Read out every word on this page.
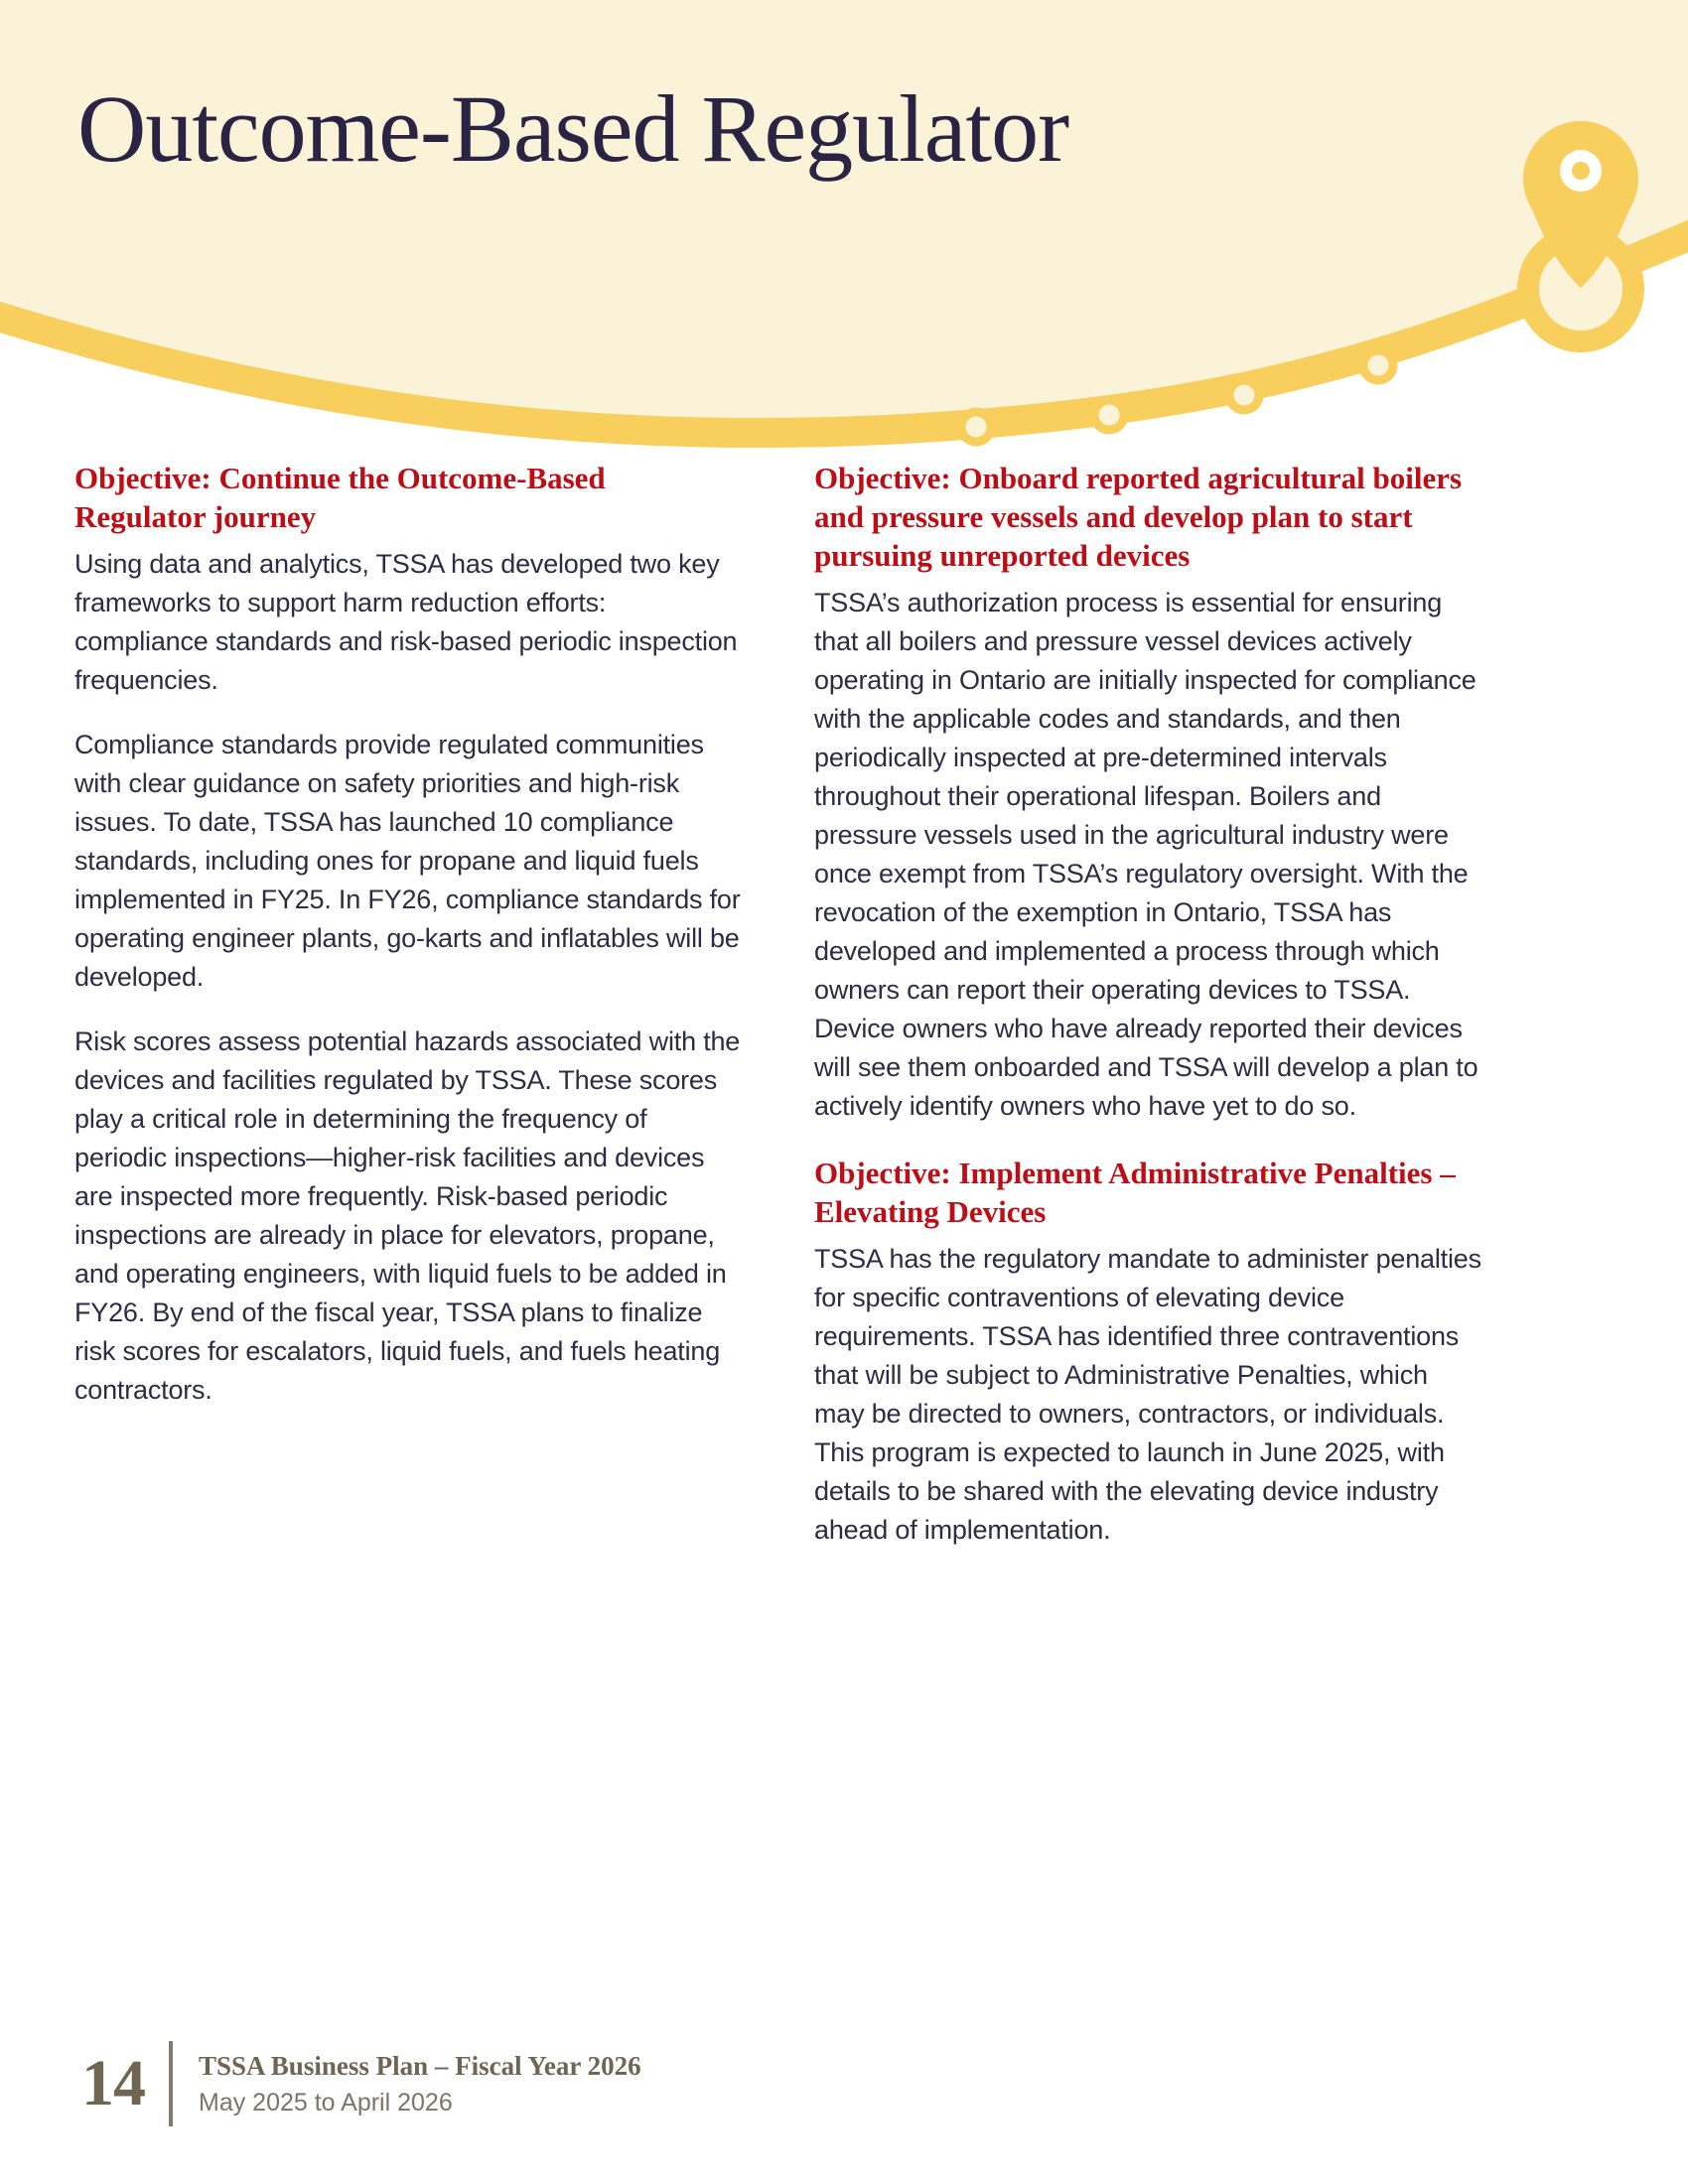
Outcome-Based Regulator
Objective: Continue the Outcome-Based Regulator journey

Using data and analytics, TSSA has developed two key frameworks to support harm reduction efforts: compliance standards and risk-based periodic inspection frequencies.

Compliance standards provide regulated communities with clear guidance on safety priorities and high-risk issues. To date, TSSA has launched 10 compliance standards, including ones for propane and liquid fuels implemented in FY25. In FY26, compliance standards for operating engineer plants, go-karts and inflatables will be developed.

Risk scores assess potential hazards associated with the devices and facilities regulated by TSSA. These scores play a critical role in determining the frequency of periodic inspections—higher-risk facilities and devices are inspected more frequently. Risk-based periodic inspections are already in place for elevators, propane, and operating engineers, with liquid fuels to be added in FY26. By end of the fiscal year, TSSA plans to finalize risk scores for escalators, liquid fuels, and fuels heating contractors.

Objective: Onboard reported agricultural boilers and pressure vessels and develop plan to start pursuing unreported devices

TSSA’s authorization process is essential for ensuring that all boilers and pressure vessel devices actively operating in Ontario are initially inspected for compliance with the applicable codes and standards, and then periodically inspected at pre-determined intervals throughout their operational lifespan. Boilers and pressure vessels used in the agricultural industry were once exempt from TSSA’s regulatory oversight. With the revocation of the exemption in Ontario, TSSA has developed and implemented a process through which owners can report their operating devices to TSSA. Device owners who have already reported their devices will see them onboarded and TSSA will develop a plan to actively identify owners who have yet to do so.

Objective: Implement Administrative Penalties – Elevating Devices

TSSA has the regulatory mandate to administer penalties for specific contraventions of elevating device requirements. TSSA has identified three contraventions that will be subject to Administrative Penalties, which may be directed to owners, contractors, or individuals. This program is expected to launch in June 2025, with details to be shared with the elevating device industry ahead of implementation.

14 TSSA Business Plan – Fiscal Year 2026
May 2025 to April 2026
